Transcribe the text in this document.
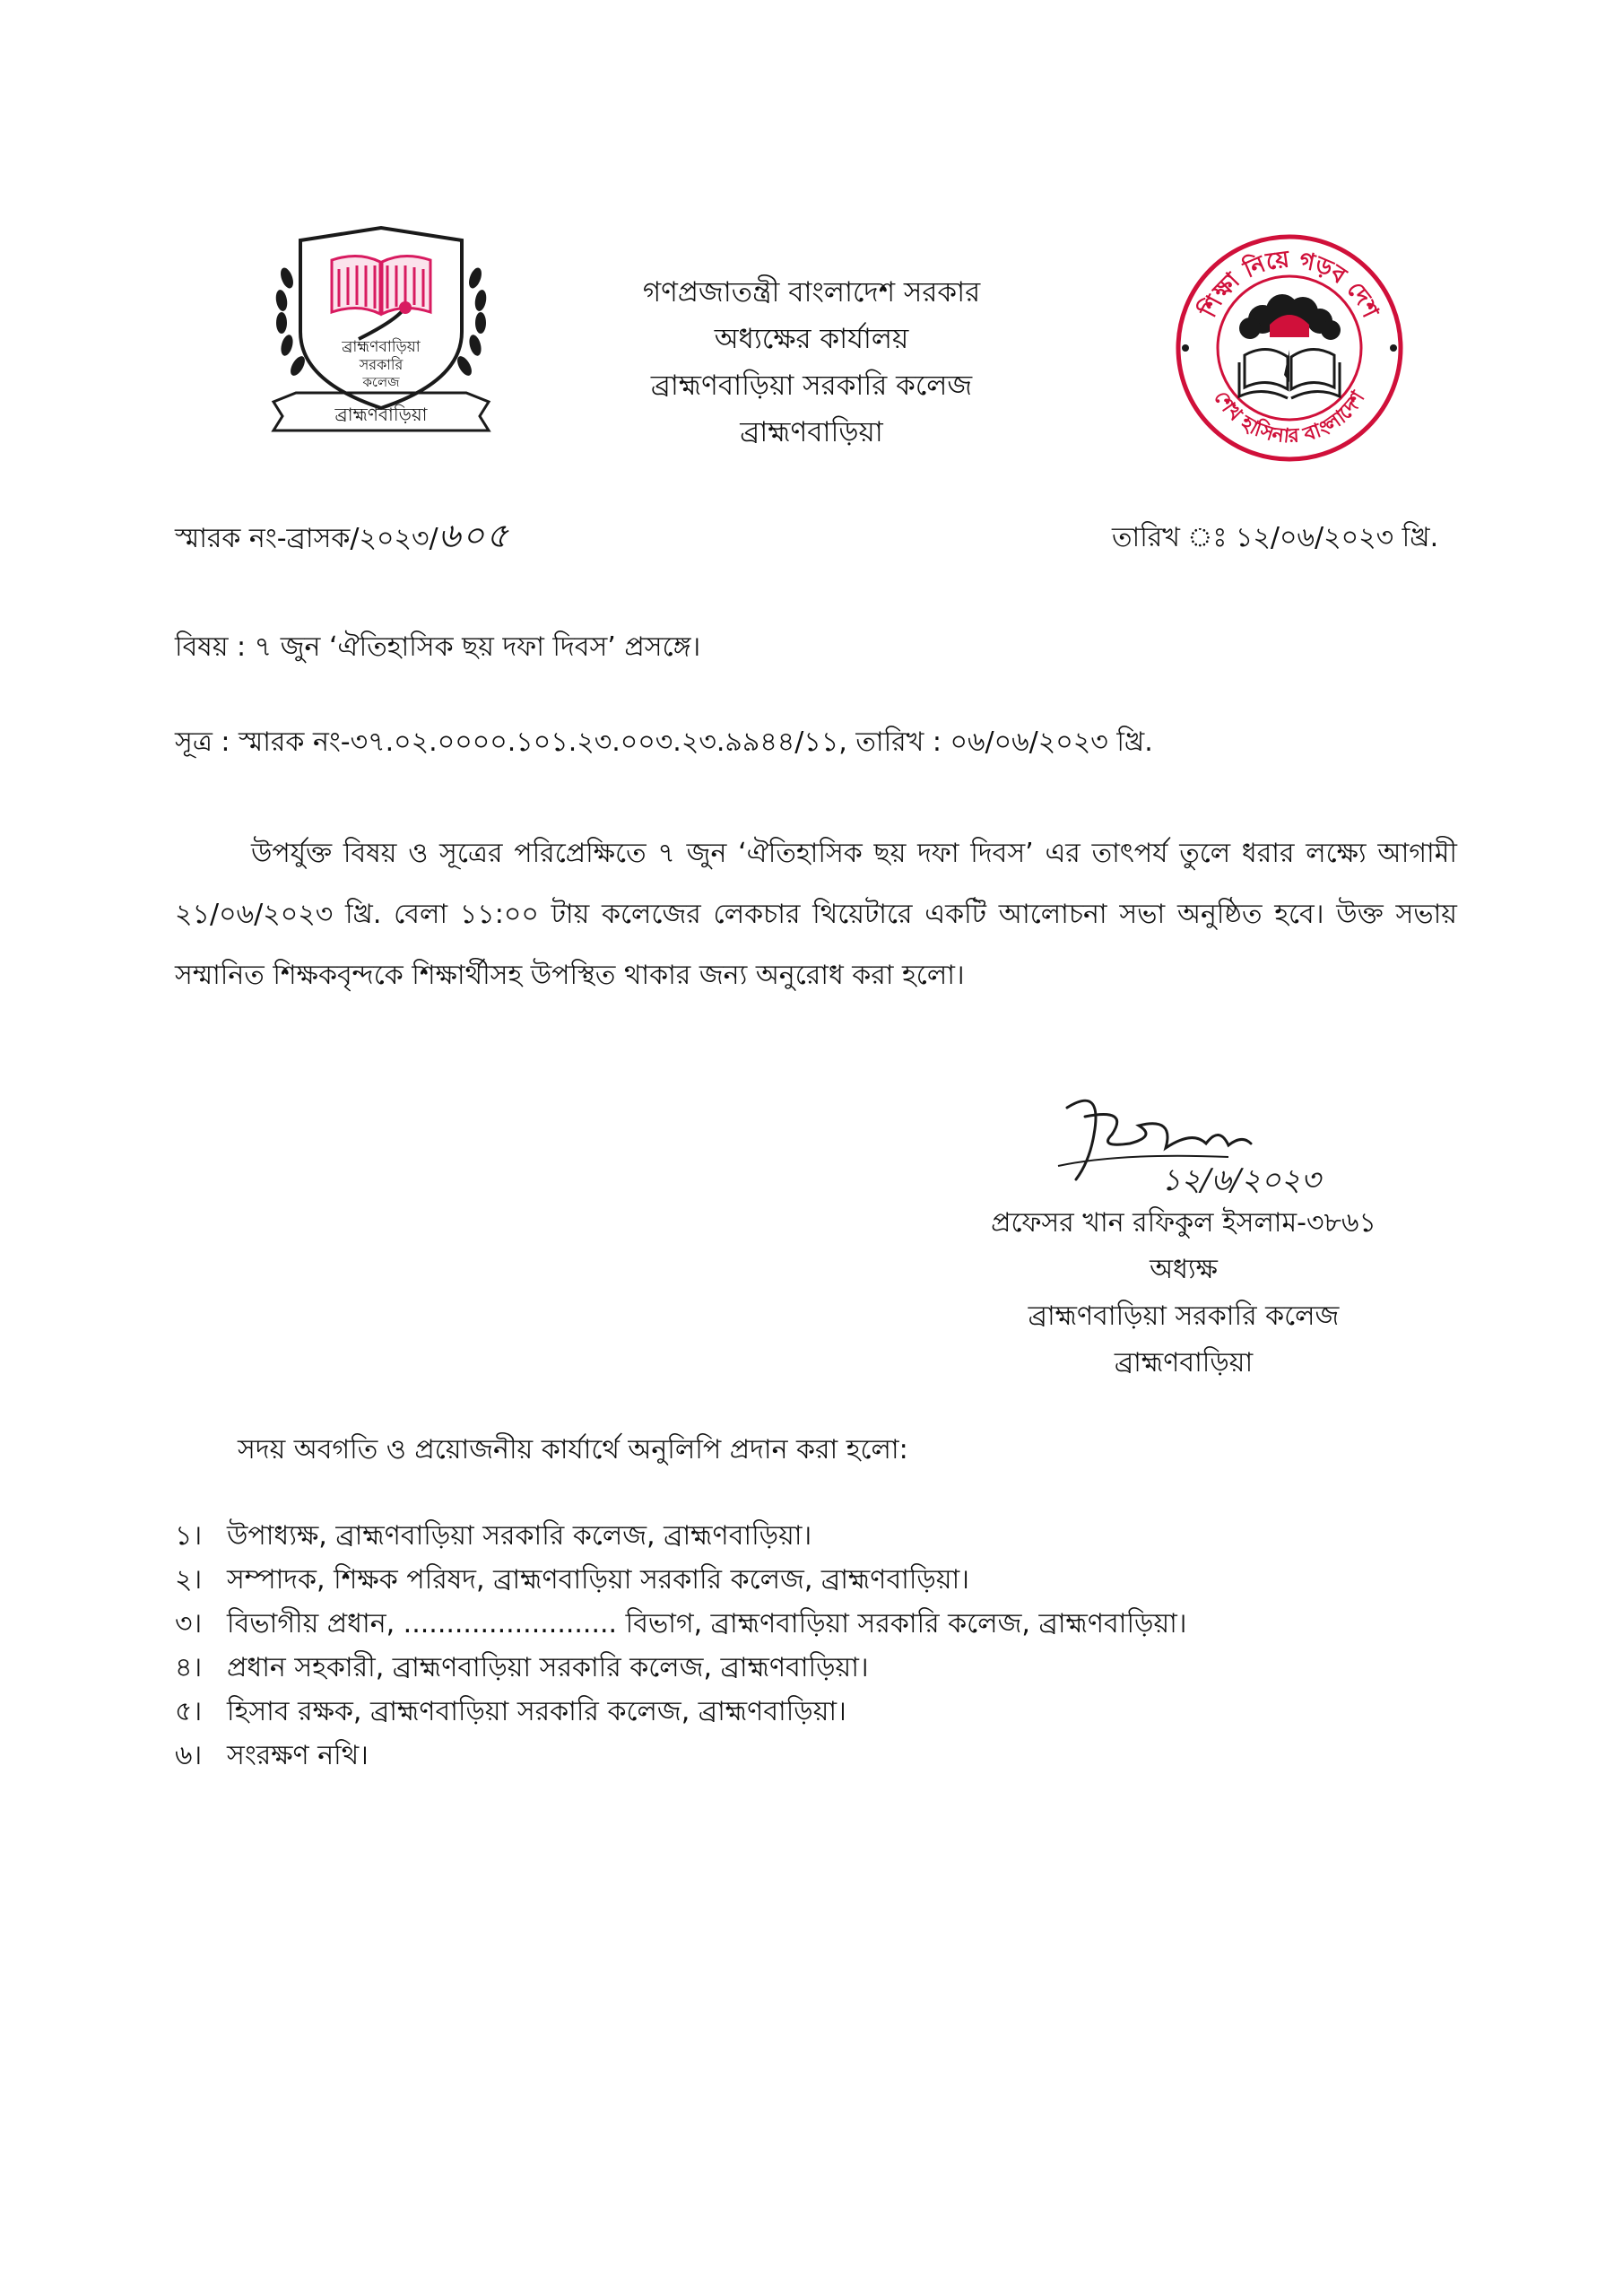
ব্রাহ্মণবাড়িয়া
সরকারি
কলেজ
ব্রাহ্মণবাড়িয়া
গণপ্রজাতন্ত্রী বাংলাদেশ সরকার
অধ্যক্ষের কার্যালয়
ব্রাহ্মণবাড়িয়া সরকারি কলেজ
ব্রাহ্মণবাড়িয়া
শিক্ষা নিয়ে গড়ব দেশ
শেখ হাসিনার বাংলাদেশ
স্মারক নং-ব্রাসক/২০২৩/৬০৫	তারিখ ঃ ১২/০৬/২০২৩ খ্রি.
বিষয় : ৭ জুন ‘ঐতিহাসিক ছয় দফা দিবস’ প্রসঙ্গে।
সূত্র : স্মারক নং-৩৭.০২.০০০০.১০১.২৩.০০৩.২৩.৯৯৪৪/১১, তারিখ : ০৬/০৬/২০২৩ খ্রি.
উপর্যুক্ত বিষয় ও সূত্রের পরিপ্রেক্ষিতে ৭ জুন ‘ঐতিহাসিক ছয় দফা দিবস’ এর তাৎপর্য তুলে ধরার লক্ষ্যে আগামী ২১/০৬/২০২৩ খ্রি. বেলা ১১:০০ টায় কলেজের লেকচার থিয়েটারে একটি আলোচনা সভা অনুষ্ঠিত হবে। উক্ত সভায় সম্মানিত শিক্ষকবৃন্দকে শিক্ষার্থীসহ উপস্থিত থাকার জন্য অনুরোধ করা হলো।
১২/৬/২০২৩
প্রফেসর খান রফিকুল ইসলাম-৩৮৬১
অধ্যক্ষ
ব্রাহ্মণবাড়িয়া সরকারি কলেজ
ব্রাহ্মণবাড়িয়া
সদয় অবগতি ও প্রয়োজনীয় কার্যার্থে অনুলিপি প্রদান করা হলো:
১। উপাধ্যক্ষ, ব্রাহ্মণবাড়িয়া সরকারি কলেজ, ব্রাহ্মণবাড়িয়া।
২। সম্পাদক, শিক্ষক পরিষদ, ব্রাহ্মণবাড়িয়া সরকারি কলেজ, ব্রাহ্মণবাড়িয়া।
৩। বিভাগীয় প্রধান, ......................... বিভাগ, ব্রাহ্মণবাড়িয়া সরকারি কলেজ, ব্রাহ্মণবাড়িয়া।
৪। প্রধান সহকারী, ব্রাহ্মণবাড়িয়া সরকারি কলেজ, ব্রাহ্মণবাড়িয়া।
৫। হিসাব রক্ষক, ব্রাহ্মণবাড়িয়া সরকারি কলেজ, ব্রাহ্মণবাড়িয়া।
৬। সংরক্ষণ নথি।
